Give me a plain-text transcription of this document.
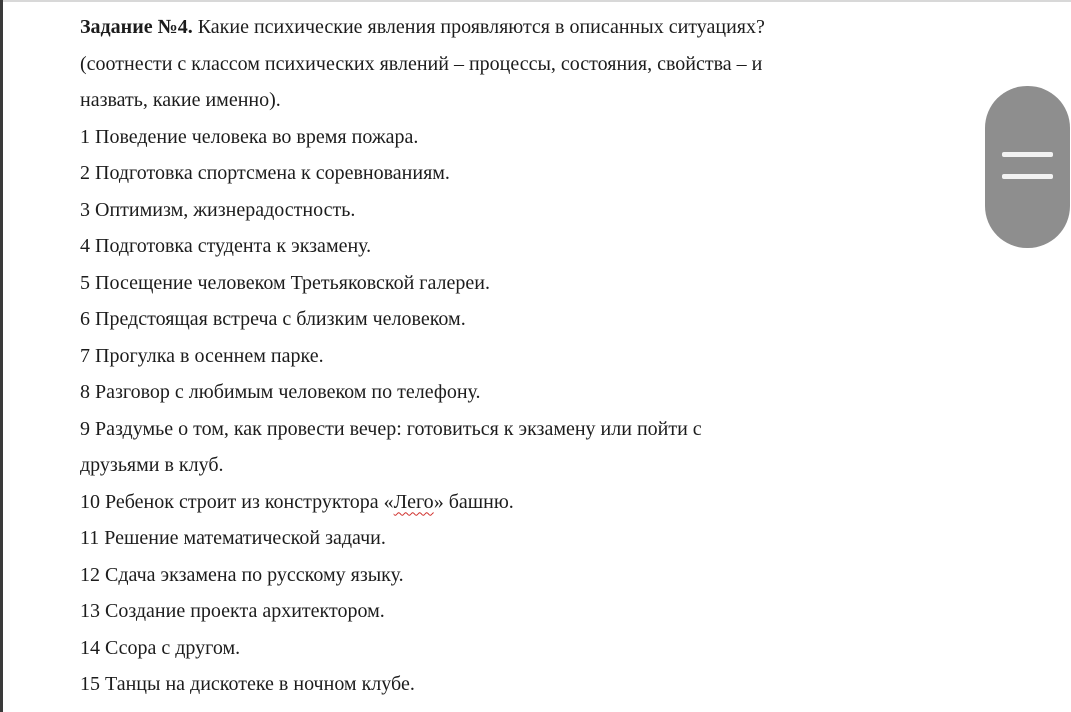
Задание №4. Какие психические явления проявляются в описанных ситуациях?
(соотнести с классом психических явлений – процессы, состояния, свойства – и
назвать, какие именно).
1 Поведение человека во время пожара.
2 Подготовка спортсмена к соревнованиям.
3 Оптимизм, жизнерадостность.
4 Подготовка студента к экзамену.
5 Посещение человеком Третьяковской галереи.
6 Предстоящая встреча с близким человеком.
7 Прогулка в осеннем парке.
8 Разговор с любимым человеком по телефону.
9 Раздумье о том, как провести вечер: готовиться к экзамену или пойти с
друзьями в клуб.
10 Ребенок строит из конструктора «Лего» башню.
11 Решение математической задачи.
12 Сдача экзамена по русскому языку.
13 Создание проекта архитектором.
14 Ссора с другом.
15 Танцы на дискотеке в ночном клубе.
